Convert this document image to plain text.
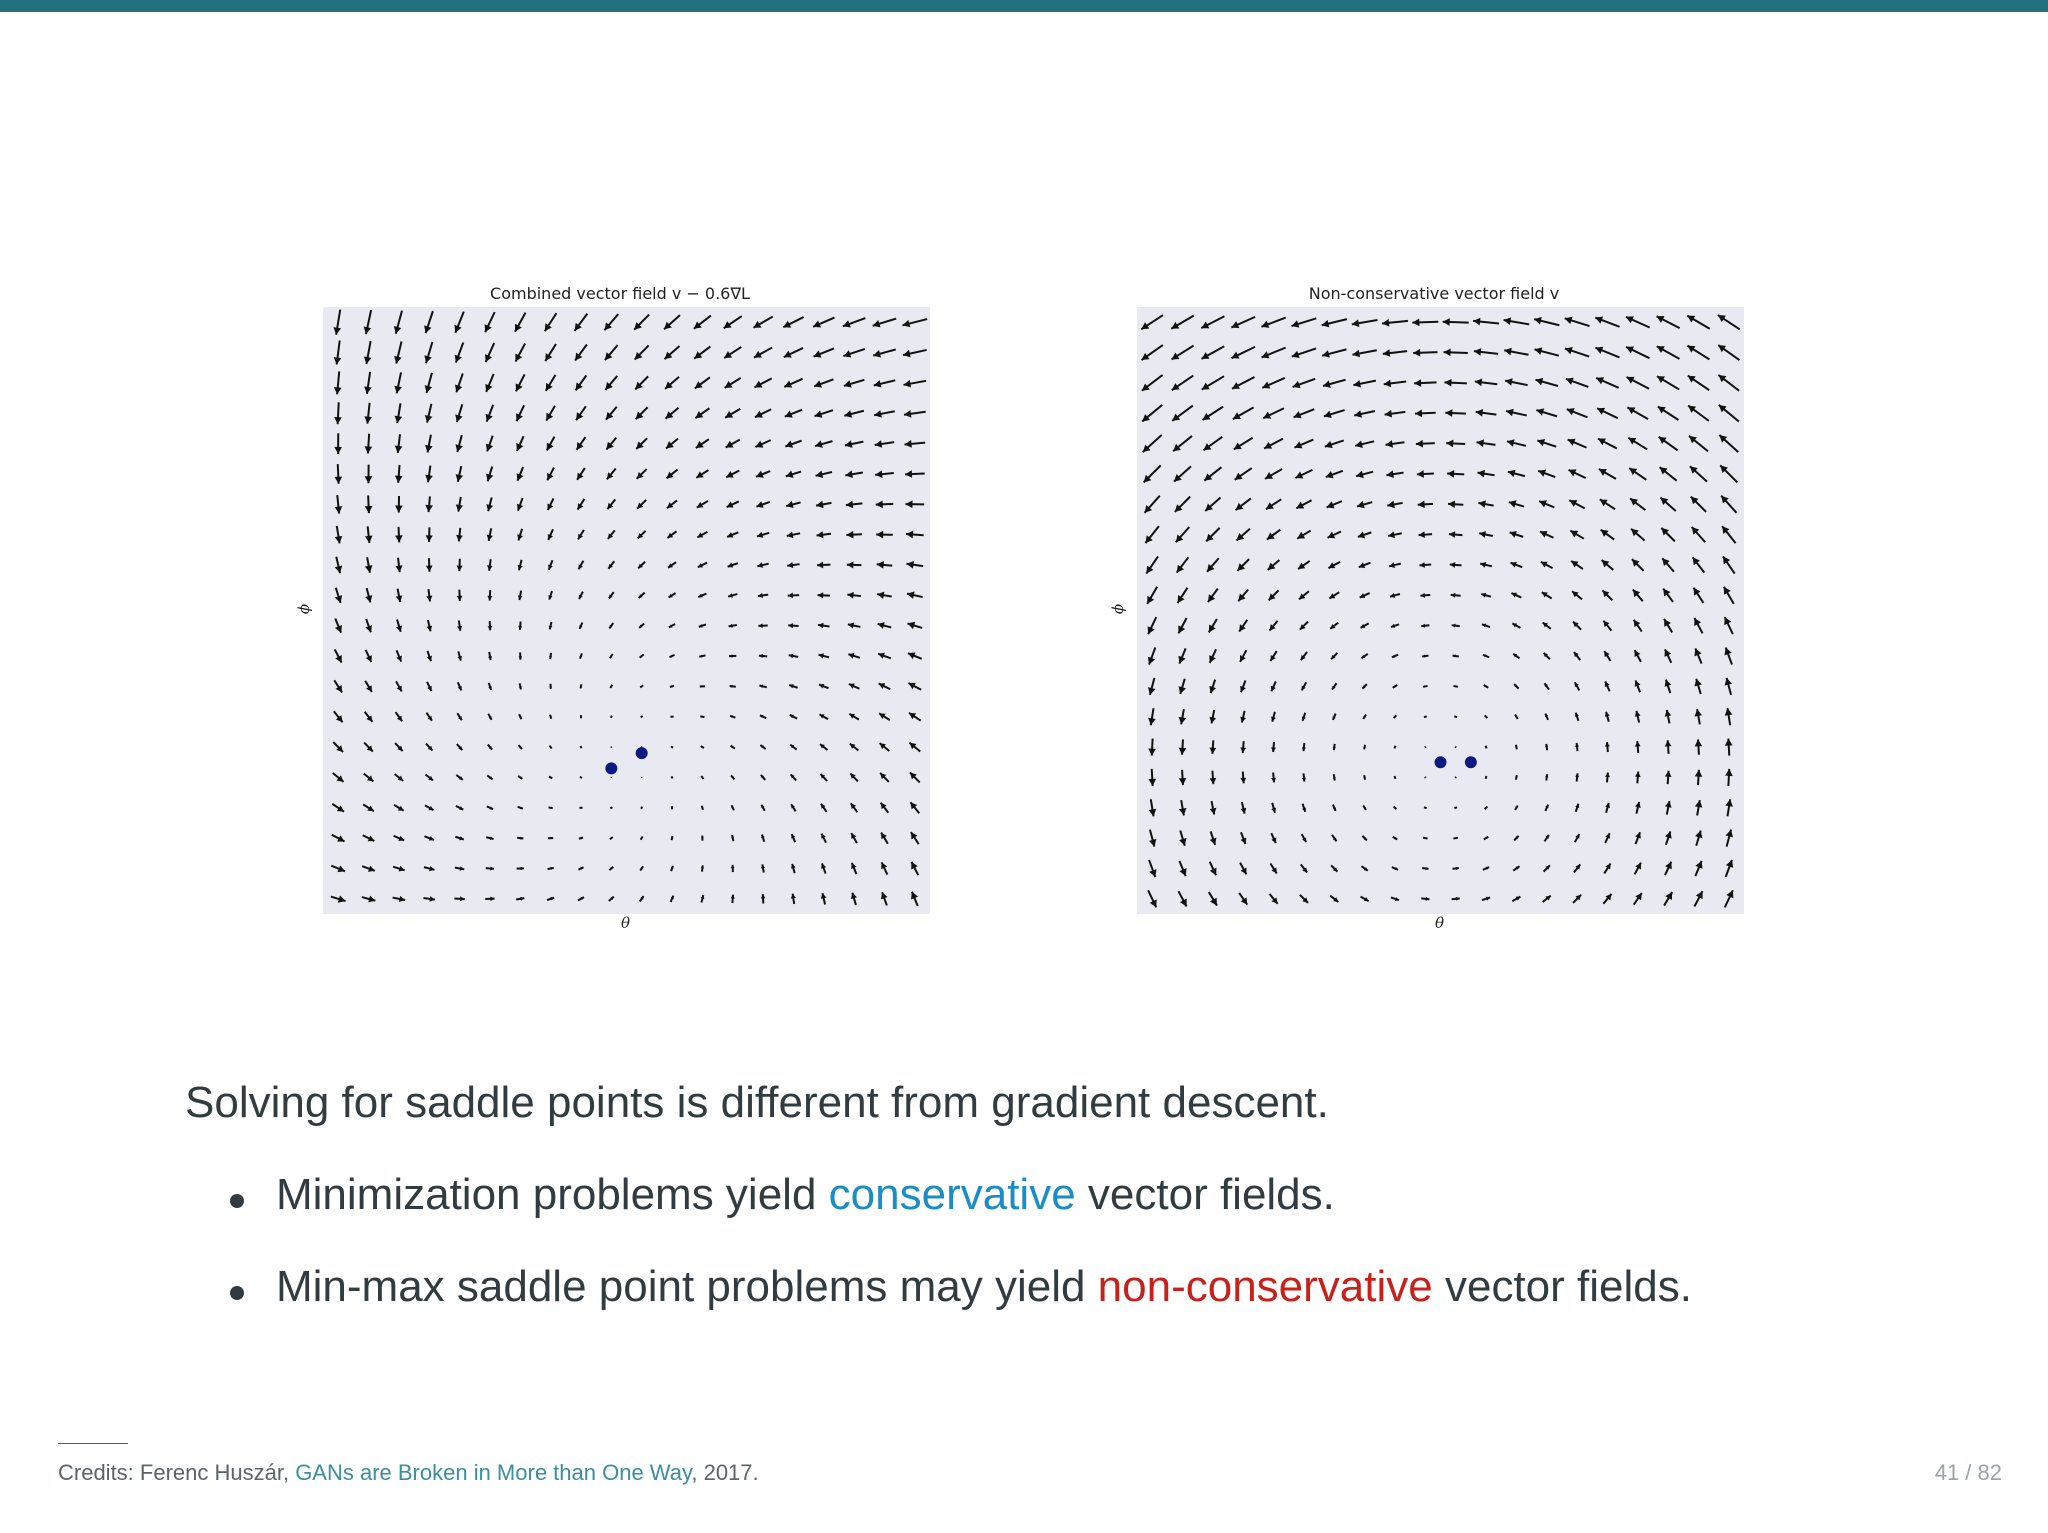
Combined vector field v − 0.6∇L
ϕ
θ
Non-conservative vector field v
ϕ
θ

Solving for saddle points is different from gradient descent.

Minimization problems yield conservative vector fields.
Min-max saddle point problems may yield non-conservative vector fields.
Credits: Ferenc Huszár, GANs are Broken in More than One Way, 2017.	41 / 82
